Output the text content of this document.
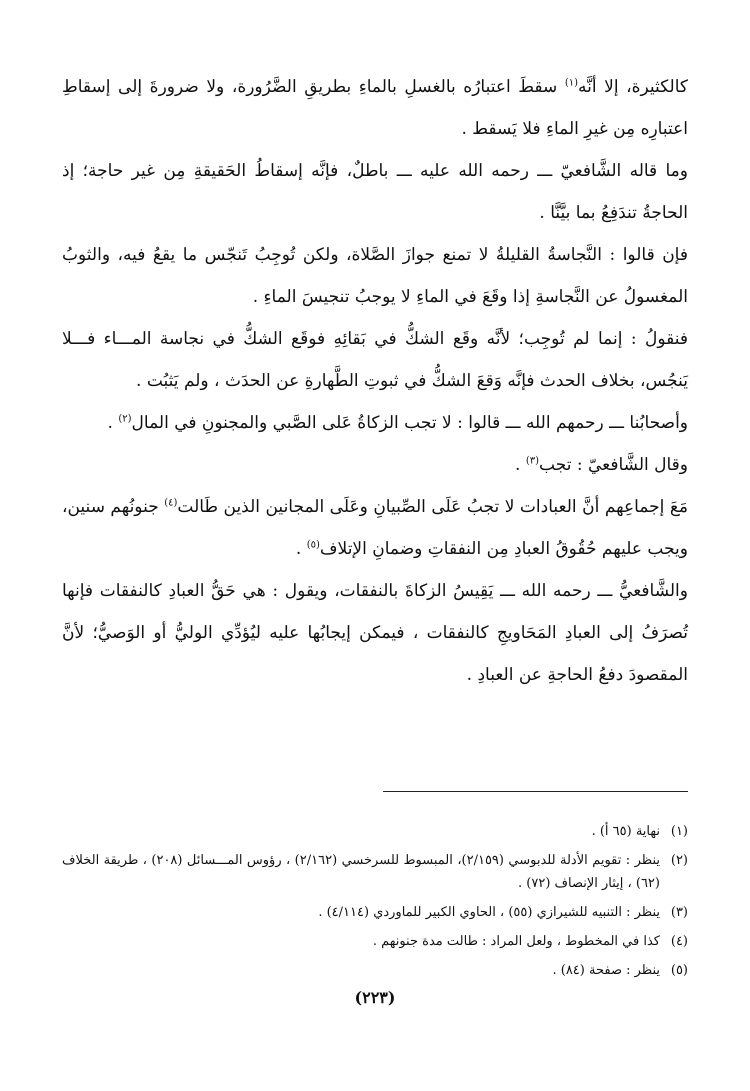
كالكثيرة، إلا أنَّه$^{(١)}$ سقطَ اعتبارُه بالغسلِ بالماءِ بطريقِ الضَّرُورة، ولا ضرورةَ إلى إسقاطِ اعتبارِه مِن غيرِ الماءِ فلا يَسقط .

وما قاله الشَّافعيّ ـــ رحمه الله عليه ـــ باطلٌ، فإنَّه إسقاطُ الحَقيقةِ مِن غير حاجة؛ إذ الحاجةُ تندَفِعُ بما بيَّنَّا .

فإن قالوا : النَّجاسةُ القليلةُ لا تمنع جوازَ الصَّلاة، ولكن تُوجِبُ تَنجّس ما يقعُ فيه، والثوبُ المغسولُ عن النَّجاسةِ إذا وقَعَ في الماءِ لا يوجبُ تنجيسَ الماءِ .

فنقولُ : إنما لم تُوجِب؛ لأنَّه وقَع الشكُّ في بَقائِهِ فوقَع الشكُّ في نجاسة المـــاء فـــلا يَنجُس، بخلاف الحدث فإنَّه وَقعَ الشكُّ في ثبوتِ الطَّهارةِ عن الحدَث ، ولم يَثبُت .

وأصحابُنا ـــ رحمهم الله ـــ قالوا : لا تجب الزكاةُ عَلى الصَّبي والمجنونِ في المال$^{(٢)}$ .

وقال الشَّافعيّ : تجب$^{(٣)}$ .

مَعَ إجماعِهم أنَّ العبادات لا تجبُ عَلَى الصِّبيانِ وعَلَى المجانين الذين طَالت$^{(٤)}$ جنونُهم سنين، ويجب عليهم حُقُوقُ العبادِ مِن النفقاتِ وضمانِ الإتلاف$^{(٥)}$ .

والشَّافعيُّ ـــ رحمه الله ـــ يَقِيسُ الزكاةَ بالنفقات، ويقول : هي حَقُّ العبادِ كالنفقات فإنها تُصرَفُ إلى العبادِ المَحَاويجِ كالنفقات ، فيمكن إيجابُها عليه ليُؤدِّي الوليُّ أو الوَصيُّ؛ لأنَّ المقصودَ دفعُ الحاجةِ عن العبادِ .

(١)
نهاية (٦٥ أ) .
(٢)
ينظر : تقويم الأدلة للدبوسي (٢/١٥٩)، المبسوط للسرخسي (٢/١٦٢) ، رؤوس المـــسائل (٢٠٨) ، طريقة الخلاف (٦٢) ، إيثار الإنصاف (٧٢) .
(٣)
ينظر : التنبيه للشيرازي (٥٥) ، الحاوي الكبير للماوردي (٤/١١٤) .
(٤)
كذا في المخطوط ، ولعل المراد : طالت مدة جنونهم .
(٥)
ينظر : صفحة (٨٤) .
(٢٢٣)
